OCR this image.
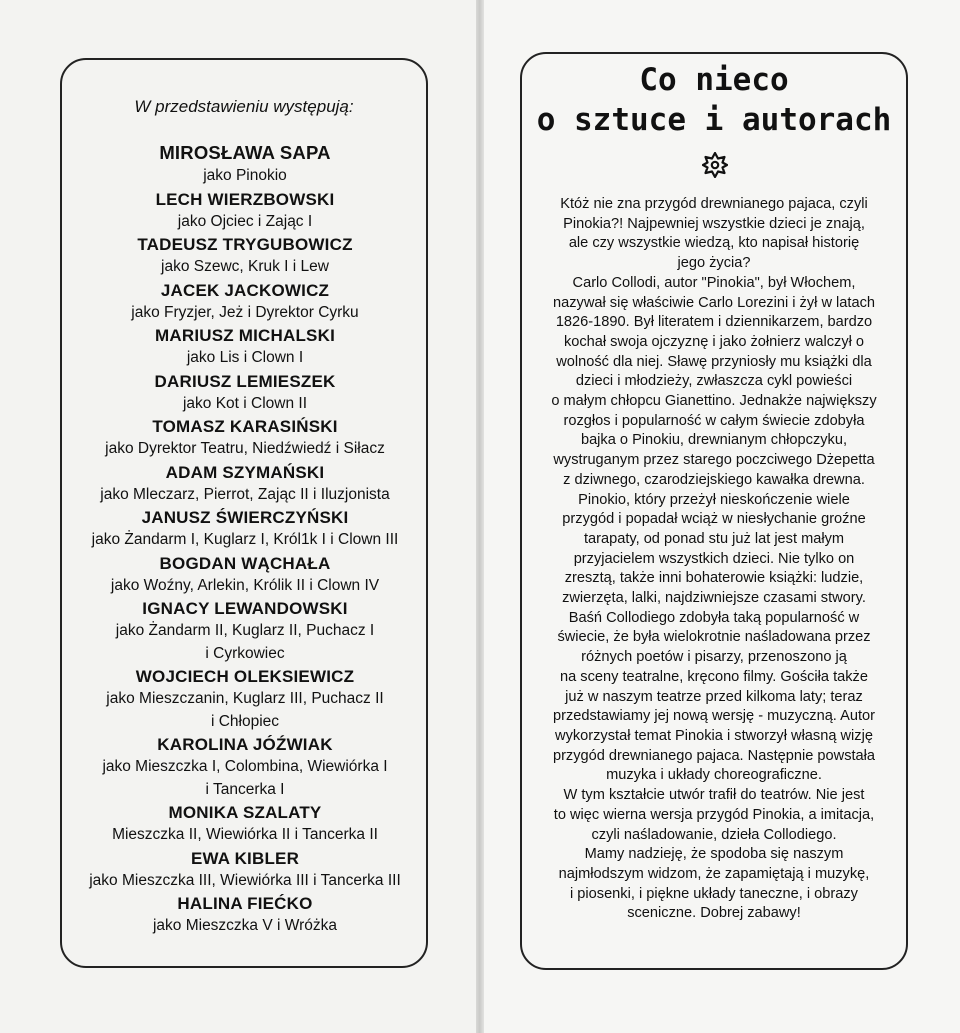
W przedstawieniu występują:
MIROSŁAWA SAPA
jako Pinokio
LECH WIERZBOWSKI
jako Ojciec i Zając I
TADEUSZ TRYGUBOWICZ
jako Szewc, Kruk I i Lew
JACEK JACKOWICZ
jako Fryzjer, Jeż i Dyrektor Cyrku
MARIUSZ MICHALSKI
jako Lis i Clown I
DARIUSZ LEMIESZEK
jako Kot i Clown II
TOMASZ KARASIŃSKI
jako Dyrektor Teatru, Niedźwiedź i Siłacz
ADAM SZYMAŃSKI
jako Mleczarz, Pierrot, Zając II i Iluzjonista
JANUSZ ŚWIERCZYŃSKI
jako Żandarm I, Kuglarz I, Król1k I i Clown III
BOGDAN WĄCHAŁA
jako Woźny, Arlekin, Królik II i Clown IV
IGNACY LEWANDOWSKI
jako Żandarm II, Kuglarz II, Puchacz I
i Cyrkowiec
WOJCIECH OLEKSIEWICZ
jako Mieszczanin, Kuglarz III, Puchacz II
i Chłopiec
KAROLINA JÓŹWIAK
jako Mieszczka I, Colombina, Wiewiórka I
i Tancerka I
MONIKA SZALATY
Mieszczka II, Wiewiórka II i Tancerka II
EWA KIBLER
jako Mieszczka III, Wiewiórka III i Tancerka III
HALINA FIEĆKO
jako Mieszczka V i Wróżka
Co nieco
o sztuce i autorach
Któż nie zna przygód drewnianego pajaca, czyli
Pinokia?! Najpewniej wszystkie dzieci je znają,
ale czy wszystkie wiedzą, kto napisał historię
jego życia?
Carlo Collodi, autor "Pinokia", był Włochem,
nazywał się właściwie Carlo Lorezini i żył w latach
1826-1890. Był literatem i dziennikarzem, bardzo
kochał swoja ojczyznę i jako żołnierz walczył o
wolność dla niej. Sławę przyniosły mu książki dla
dzieci i młodzieży, zwłaszcza cykl powieści
o małym chłopcu Gianettino. Jednakże największy
rozgłos i popularność w całym świecie zdobyła
bajka o Pinokiu, drewnianym chłopczyku,
wystruganym przez starego poczciwego Dżepetta
z dziwnego, czarodziejskiego kawałka drewna.
Pinokio, który przeżył nieskończenie wiele
przygód i popadał wciąż w niesłychanie groźne
tarapaty, od ponad stu już lat jest małym
przyjacielem wszystkich dzieci. Nie tylko on
zresztą, także inni bohaterowie książki: ludzie,
zwierzęta, lalki, najdziwniejsze czasami stwory.
Baśń Collodiego zdobyła taką popularność w
świecie, że była wielokrotnie naśladowana przez
różnych poetów i pisarzy, przenoszono ją
na sceny teatralne, kręcono filmy. Gościła także
już w naszym teatrze przed kilkoma laty; teraz
przedstawiamy jej nową wersję - muzyczną. Autor
wykorzystał temat Pinokia i stworzył własną wizję
przygód drewnianego pajaca. Następnie powstała
muzyka i układy choreograficzne.
W tym kształcie utwór trafił do teatrów. Nie jest
to więc wierna wersja przygód Pinokia, a imitacja,
czyli naśladowanie, dzieła Collodiego.
Mamy nadzieję, że spodoba się naszym
najmłodszym widzom, że zapamiętają i muzykę,
i piosenki, i piękne układy taneczne, i obrazy
sceniczne. Dobrej zabawy!
